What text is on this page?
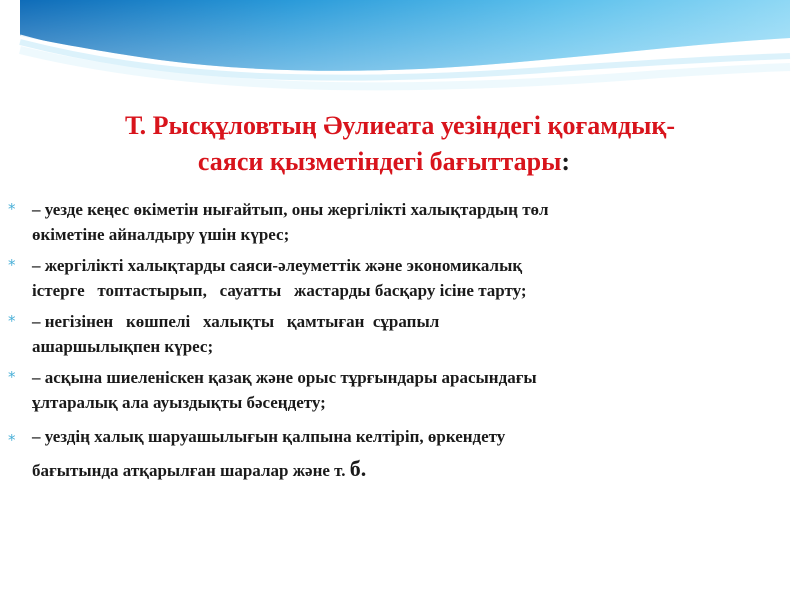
Т. Рысқұловтың Әулиеата уезіндегі қоғамдық-
саяси қызметіндегі бағыттары:
* – уезде кеңес өкіметін нығайтып, оны жергілікті халықтардың төл
өкіметіне айналдыру үшін күрес;
* – жергілікті халықтарды саяси-әлеуметтік және экономикалық
істерге   топтастырып,   сауатты   жастарды басқару ісіне тарту;
* – негізінен   көшпелі   халықты   қамтыған  сұрапыл
ашаршылықпен күрес;
* – асқына шиеленіскен қазақ және орыс тұрғындары арасындағы
ұлтаралық ала ауыздықты бәсеңдету;
* – уездің халық шаруашылығын қалпына келтіріп, өркендету
бағытында атқарылған шаралар және т. б.
